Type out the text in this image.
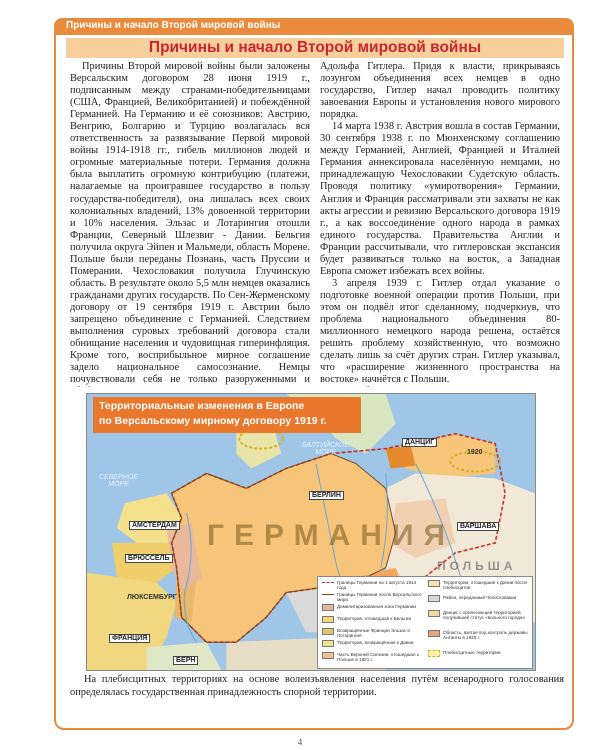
Причины и начало Второй мировой войны
Причины и начало Второй мировой войны

Причины Второй мировой войны были заложены Версальским договором 28 июня 1919 г., подписанным между странами-победительницами (США, Францией, Великобританией) и побеждённой Германией. На Германию и её союзников: Австрию, Венгрию, Болгарию и Турцию возлагалась вся ответственность за развязывание Первой мировой войны 1914-1918 гг., гибель миллионов людей и огромные материальные потери. Германия должна была выплатить огромную контрибуцию (платежи, налагаемые на проигравшее государство в пользу государства-победителя), она лишалась всех своих колониальных владений, 13% довоенной территории и 10% населения. Эльзас и Лотарингия отошли Франции, Северный Шлезвиг - Дании. Бельгия получила округа Эйпен и Мальмеди, область Морене. Польше были переданы Познань, часть Пруссии и Померании. Чехословакия получила Глучинскую область. В результате около 5,5 млн немцев оказались гражданами других государств. По Сен-Жерменскому договору от 19 сентября 1919 г. Австрии было запрещено объединение с Германией. Следствием выполнения суровых требований договора стали обнищание населения и чудовищная гиперинфляция. Кроме того, восприбыльное мирное соглашение задело национальное самосознание. Немцы почувствовали себя не только разоруженными и

Адольфа Гитлера. Придя к власти, прикрываясь лозунгом объединения всех немцев в одно государство, Гитлер начал проводить политику завоевания Европы и установления нового мирового порядка.

14 марта 1938 г. Австрия вошла в состав Германии, 30 сентября 1938 г. по Мюнхенскому соглашению между Германией, Англией, Францией и Италией Германия аннексировала населённую немцами, но принадлежащую Чехословакии Судетскую область. Проводя политику «умиротворения» Германии, Англия и Франция рассматривали эти захваты не как акты агрессии и ревизию Версальского договора 1919 г., а как воссоединение одного народа в рамках единого государства. Правительства Англии и Франции рассчитывали, что гитлеровская экспансия будет развиваться только на восток, а Западная Европа сможет избежать всех войны.

3 апреля 1939 г. Гитлер отдал указание о подготовке военной операции против Польши, при этом он подвёл итог сделанному, подчеркнув, что проблема национального объединения 80-миллионного немецкого народа решена, остаётся решить проблему хозяйственную, что возможно сделать лишь за счёт других стран. Гитлер указывал, что «расширение жизненного пространства на востоке» начнётся с Польши.

Территориальные изменения в Европе
по Версальскому мирному договору 1919 г.
СЕВЕРНОЕ
МОРЕ
БАЛТИЙСКОЕ
МОРЕ
ГЕРМАНИЯ
ПОЛЬША
АМСТЕРДАМ
БРЮССЕЛЬ
ЛЮКСЕМБУРГ
ФРАНЦИЯ
БЕРН
БЕРЛИН
ДАНЦИГ
ВАРШАВА
1920
Границы Германии на 1 августа 1914 года
Границы Германии после Версальского мира
Демилитаризованная зона Германии
Территория, отошедшая к Бельгии
Возвращённые Франции Эльзас и Лотарингия
Территория, возвращённая к Дании
Часть Верхней Силезии, отошедшая к Польше в 1921 г.
Территории, отошедшие к Дании после плебисцитов
Район, переданный Чехословакии
Данциг с прилегающей территорией, получившей статус «вольного города»
Область, взятая под контроль державы Антанты в 1920 г.
Плебисцитные территории
На плебисцитных территориях на основе волеизъявления населения путём всенародного голосования определялась государственная принадлежность спорной территории.
4
